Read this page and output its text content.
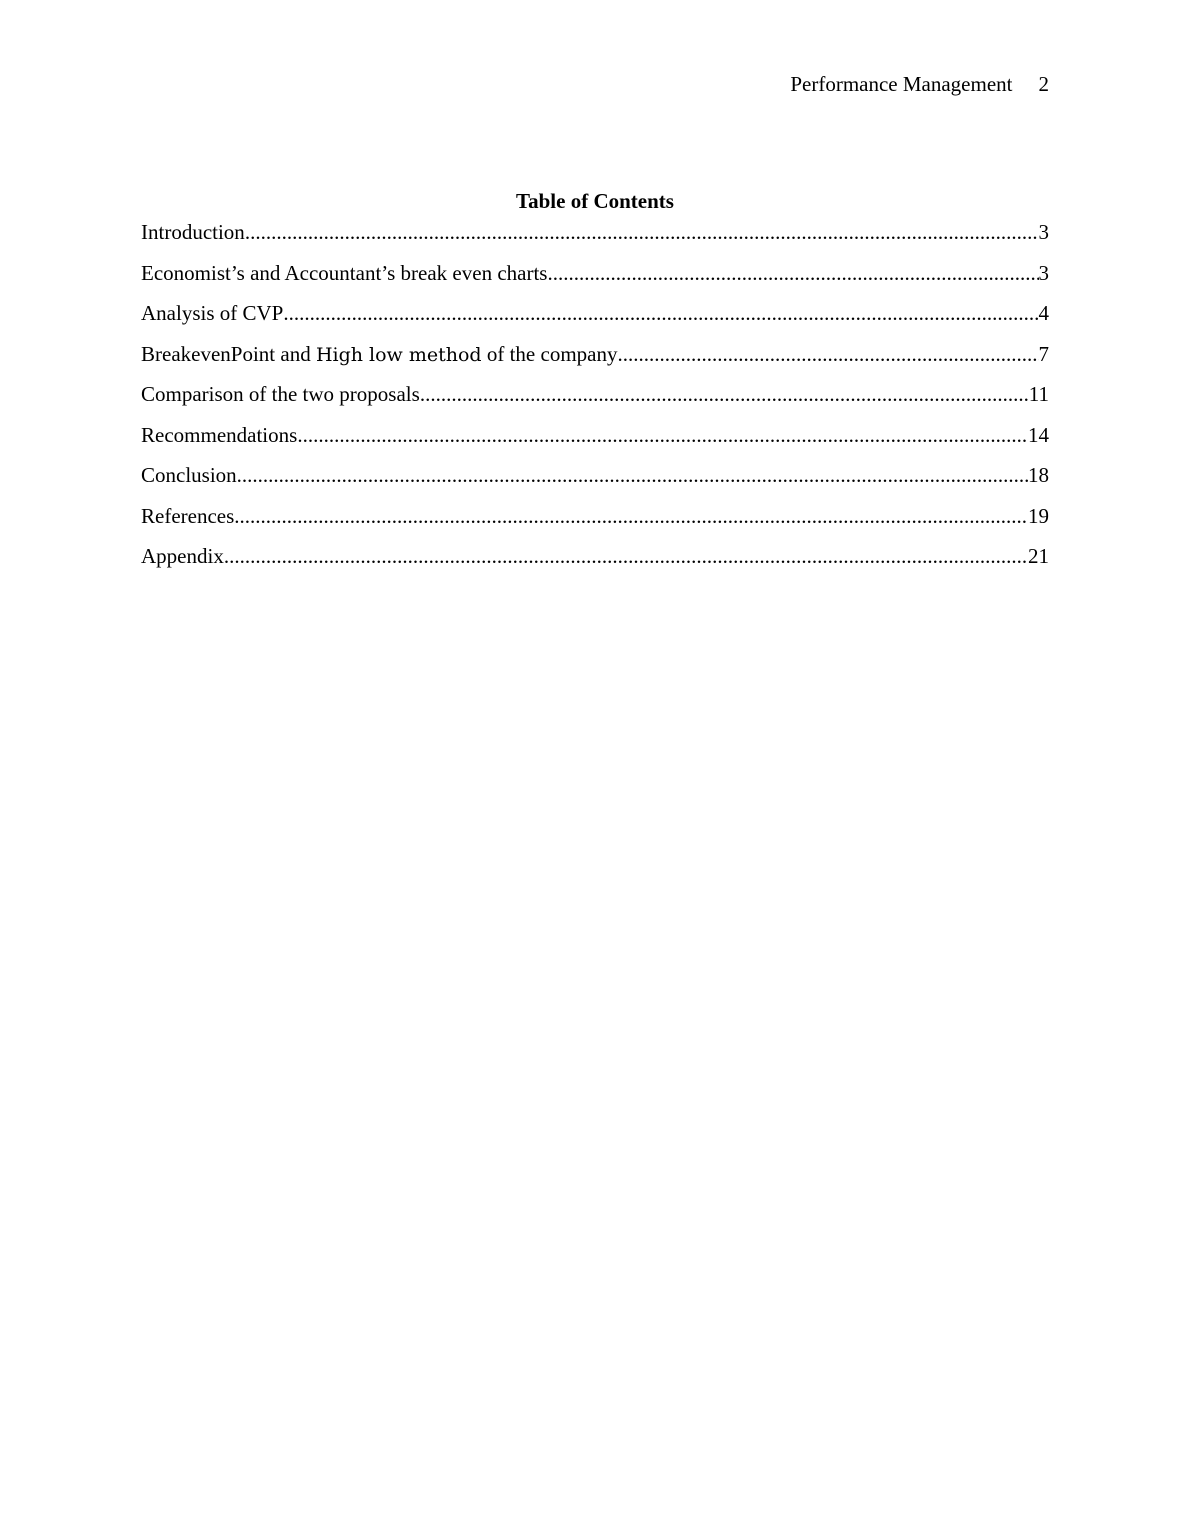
Performance Management 2
Table of Contents
Introduction .....	3
Economist’s and Accountant’s break even charts .....	3
Analysis of CVP .....	4
BreakevenPoint and High low method of the company .....	7
Comparison of the two proposals .....	11
Recommendations .....	14
Conclusion .....	18
References .....	19
Appendix .....	21
